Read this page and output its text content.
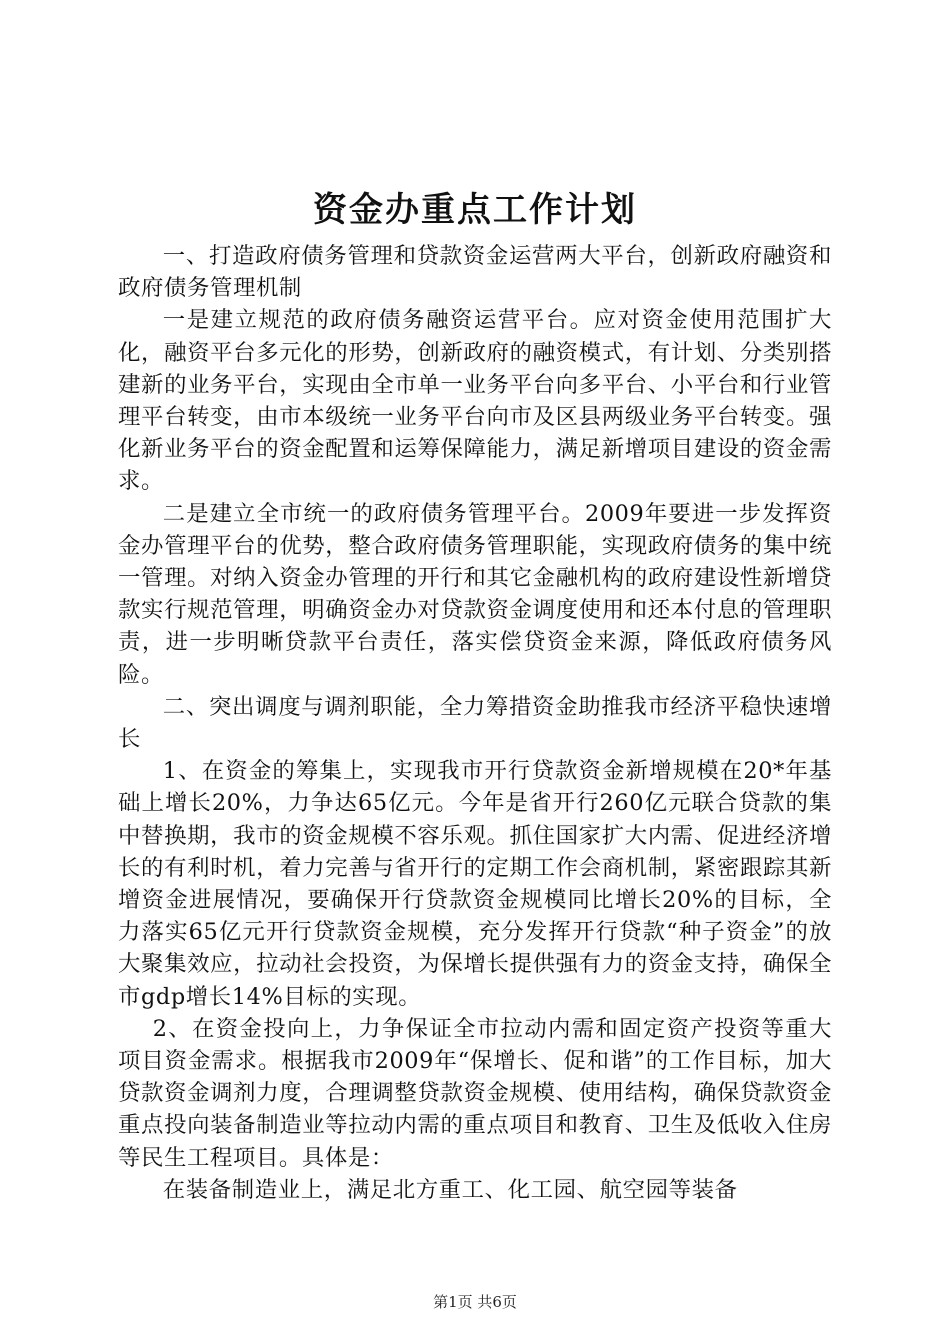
资金办重点工作计划

一、打造政府债务管理和贷款资金运营两大平台，创新政府融资和政府债务管理机制

一是建立规范的政府债务融资运营平台。应对资金使用范围扩大化，融资平台多元化的形势，创新政府的融资模式，有计划、分类别搭建新的业务平台，实现由全市单一业务平台向多平台、小平台和行业管理平台转变，由市本级统一业务平台向市及区县两级业务平台转变。强化新业务平台的资金配置和运筹保障能力，满足新增项目建设的资金需求。

二是建立全市统一的政府债务管理平台。2009年要进一步发挥资金办管理平台的优势，整合政府债务管理职能，实现政府债务的集中统一管理。对纳入资金办管理的开行和其它金融机构的政府建设性新增贷款实行规范管理，明确资金办对贷款资金调度使用和还本付息的管理职责，进一步明晰贷款平台责任，落实偿贷资金来源，降低政府债务风险。

二、突出调度与调剂职能，全力筹措资金助推我市经济平稳快速增长

1、在资金的筹集上，实现我市开行贷款资金新增规模在20*年基础上增长20%，力争达65亿元。今年是省开行260亿元联合贷款的集中替换期，我市的资金规模不容乐观。抓住国家扩大内需、促进经济增长的有利时机，着力完善与省开行的定期工作会商机制，紧密跟踪其新增资金进展情况，要确保开行贷款资金规模同比增长20%的目标，全力落实65亿元开行贷款资金规模，充分发挥开行贷款“种子资金”的放大聚集效应，拉动社会投资，为保增长提供强有力的资金支持，确保全市gdp增长14%目标的实现。

2、在资金投向上，力争保证全市拉动内需和固定资产投资等重大项目资金需求。根据我市2009年“保增长、促和谐”的工作目标，加大贷款资金调剂力度，合理调整贷款资金规模、使用结构，确保贷款资金重点投向装备制造业等拉动内需的重点项目和教育、卫生及低收入住房等民生工程项目。具体是：

在装备制造业上，满足北方重工、化工园、航空园等装备

第1页 共6页
